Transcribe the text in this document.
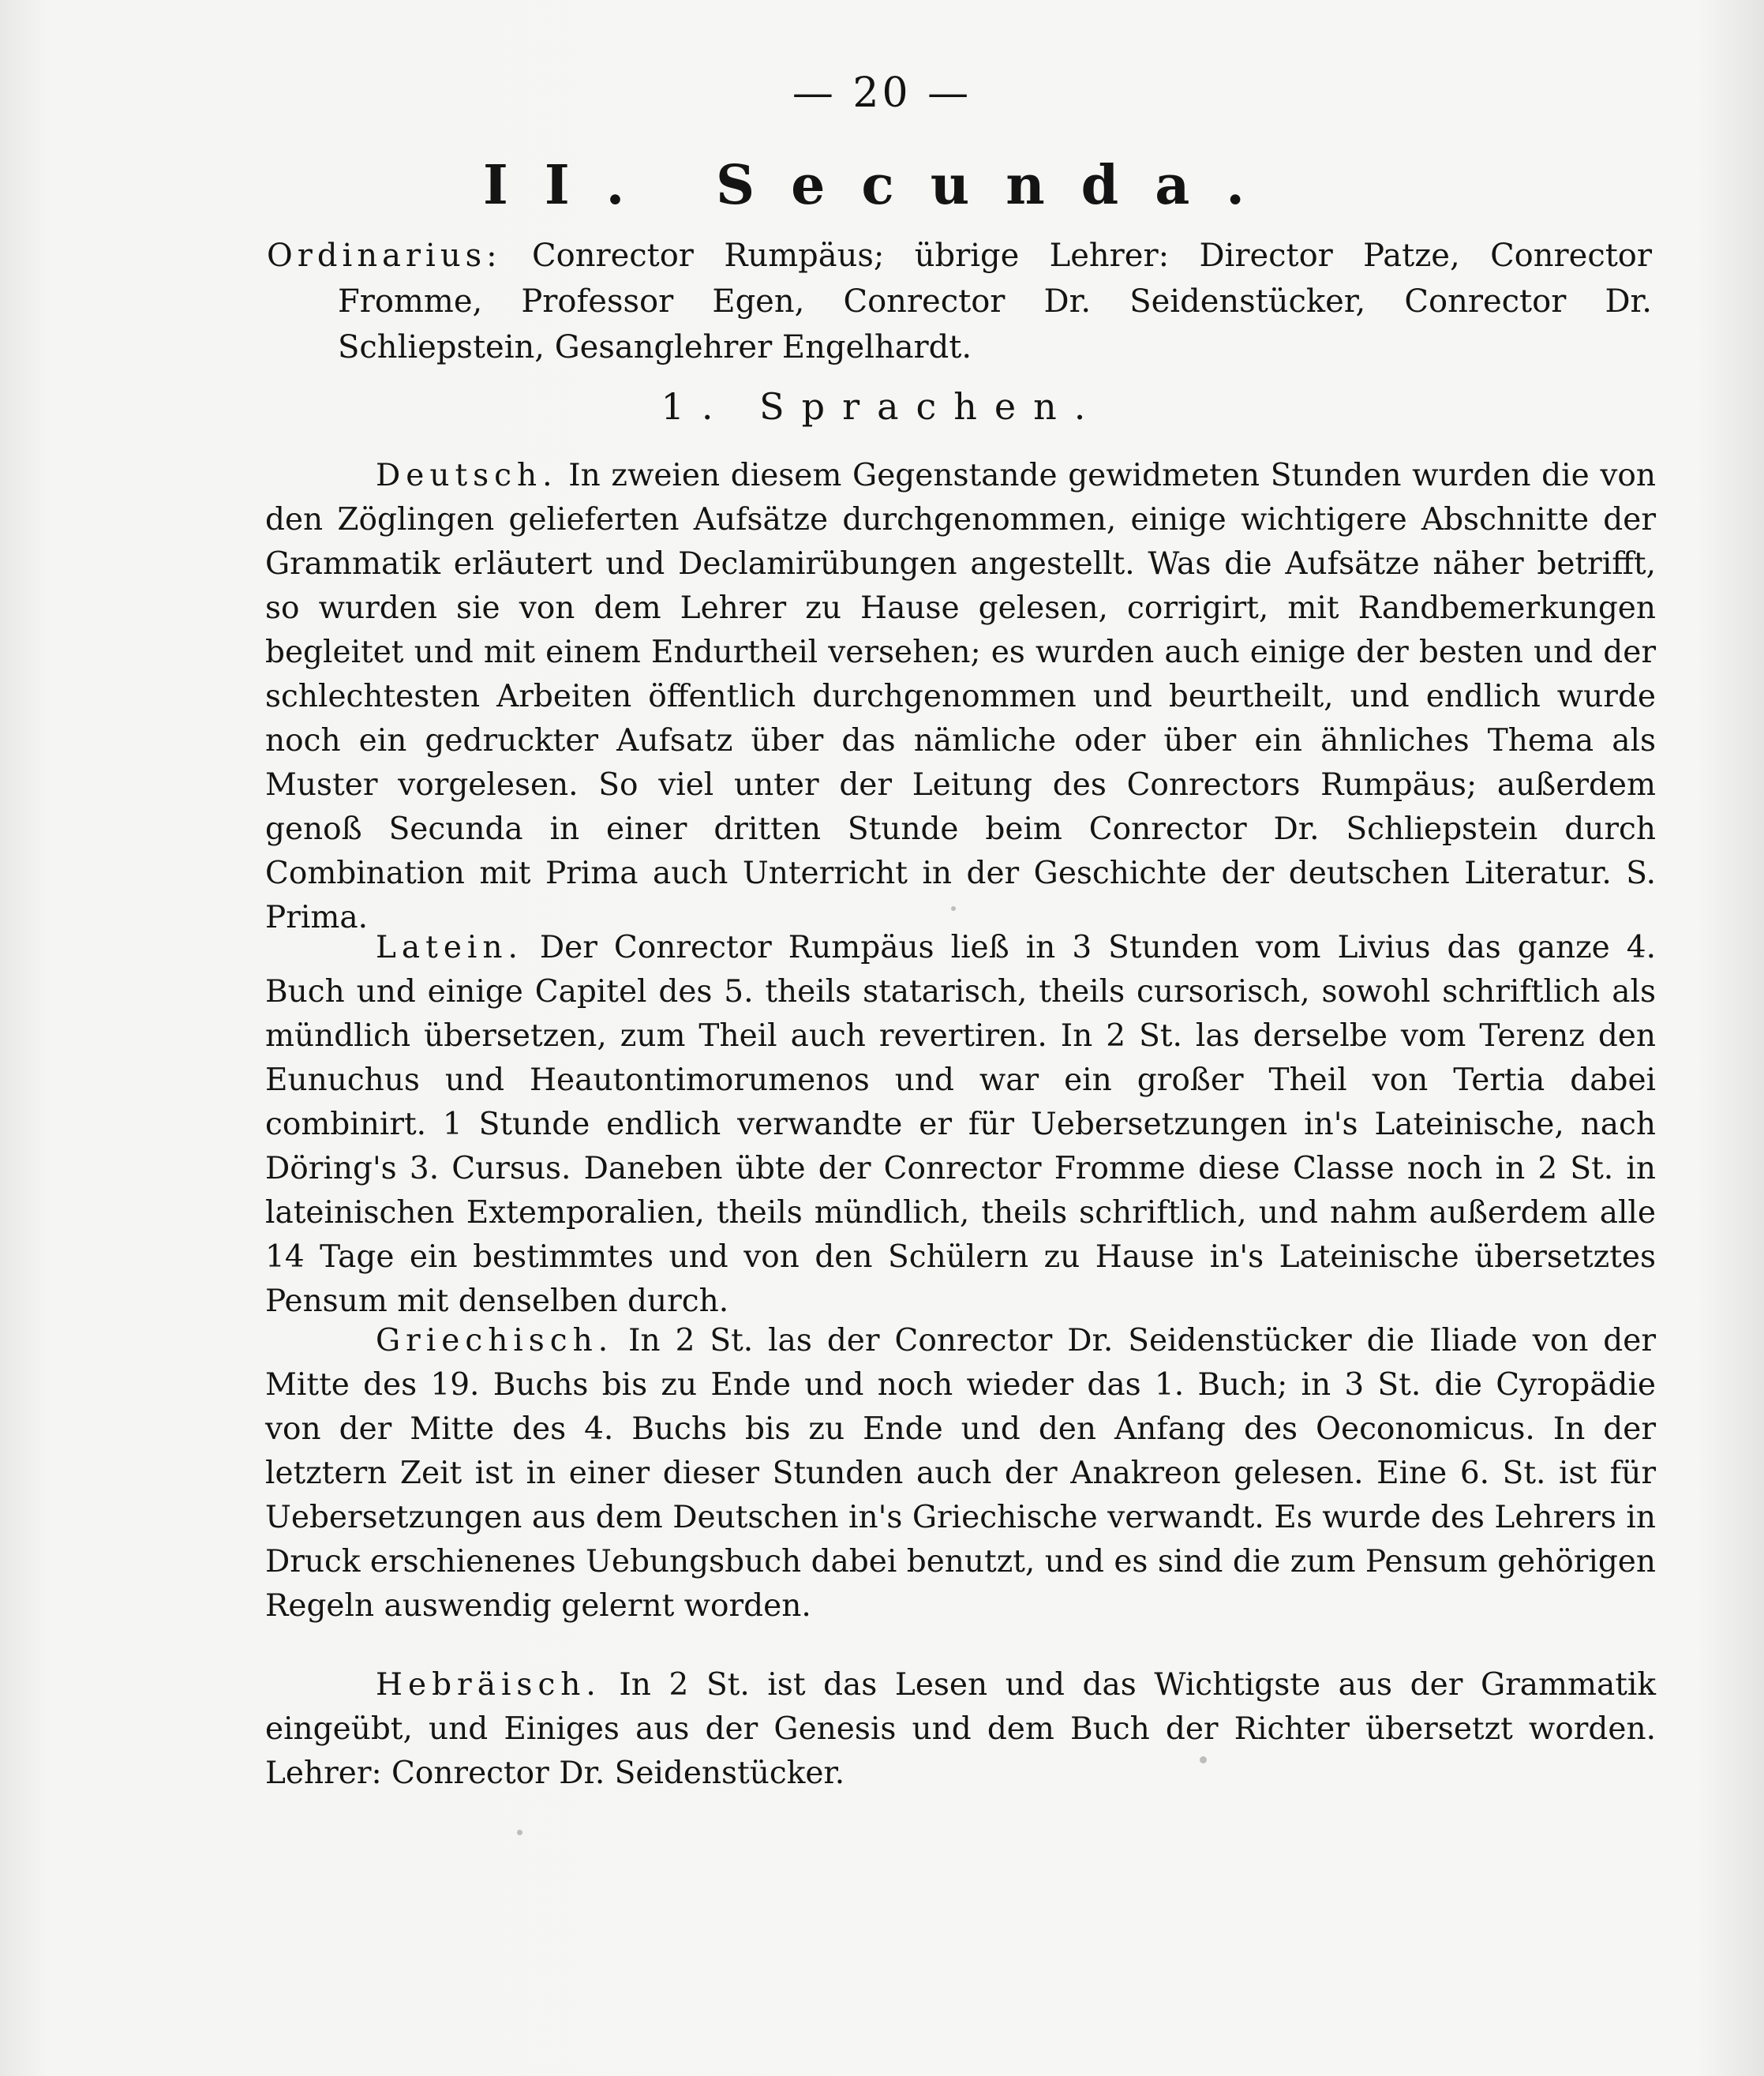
— 20 —
II. Secunda.
Ordinarius: Conrector Rumpäus; übrige Lehrer: Director Patze, Conrector Fromme, Professor Egen, Conrector Dr. Seidenstücker, Conrector Dr. Schliepstein, Gesanglehrer Engelhardt.
1. Sprachen.

Deutsch. In zweien diesem Gegenstande gewidmeten Stunden wurden die von den Zöglingen gelieferten Aufsätze durchgenommen, einige wichtigere Abschnitte der Grammatik erläutert und Declamirübungen angestellt. Was die Aufsätze näher betrifft, so wurden sie von dem Lehrer zu Hause gelesen, corrigirt, mit Randbemerkungen begleitet und mit einem Endurtheil versehen; es wurden auch einige der besten und der schlechtesten Arbeiten öffentlich durchgenommen und beurtheilt, und endlich wurde noch ein gedruckter Aufsatz über das nämliche oder über ein ähnliches Thema als Muster vorgelesen. So viel unter der Leitung des Conrectors Rumpäus; außerdem genoß Secunda in einer dritten Stunde beim Conrector Dr. Schliepstein durch Combination mit Prima auch Unterricht in der Geschichte der deutschen Literatur. S. Prima.

Latein. Der Conrector Rumpäus ließ in 3 Stunden vom Livius das ganze 4. Buch und einige Capitel des 5. theils statarisch, theils cursorisch, sowohl schriftlich als mündlich übersetzen, zum Theil auch revertiren. In 2 St. las derselbe vom Terenz den Eunuchus und Heautontimorumenos und war ein großer Theil von Tertia dabei combinirt. 1 Stunde endlich verwandte er für Uebersetzungen in's Lateinische, nach Döring's 3. Cursus. Daneben übte der Conrector Fromme diese Classe noch in 2 St. in lateinischen Extemporalien, theils mündlich, theils schriftlich, und nahm außerdem alle 14 Tage ein bestimmtes und von den Schülern zu Hause in's Lateinische übersetztes Pensum mit denselben durch.

Griechisch. In 2 St. las der Conrector Dr. Seidenstücker die Iliade von der Mitte des 19. Buchs bis zu Ende und noch wieder das 1. Buch; in 3 St. die Cyropädie von der Mitte des 4. Buchs bis zu Ende und den Anfang des Oeconomicus. In der letztern Zeit ist in einer dieser Stunden auch der Anakreon gelesen. Eine 6. St. ist für Uebersetzungen aus dem Deutschen in's Griechische verwandt. Es wurde des Lehrers in Druck erschienenes Uebungsbuch dabei benutzt, und es sind die zum Pensum gehörigen Regeln auswendig gelernt worden.

Hebräisch. In 2 St. ist das Lesen und das Wichtigste aus der Grammatik eingeübt, und Einiges aus der Genesis und dem Buch der Richter übersetzt worden. Lehrer: Conrector Dr. Seidenstücker.
